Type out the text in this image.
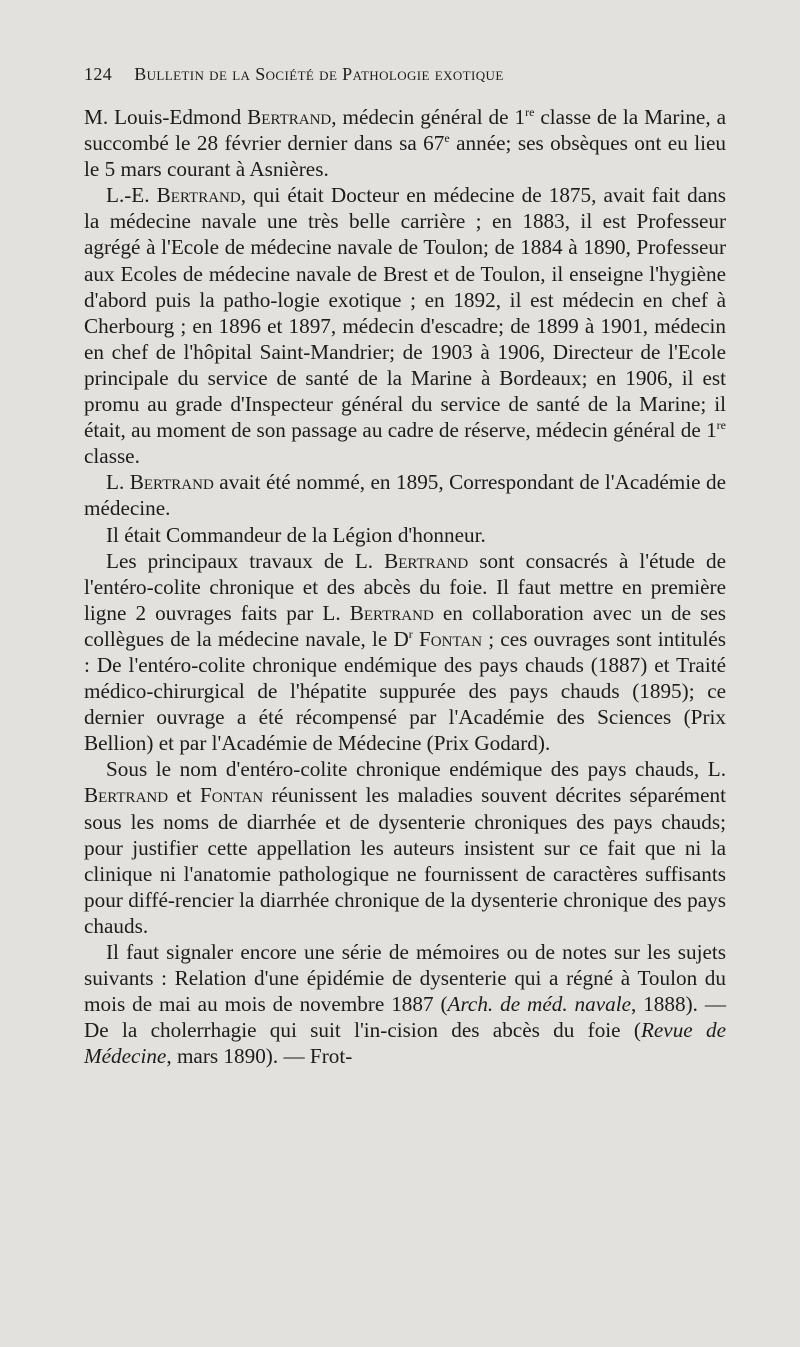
124 Bulletin de la Société de Pathologie exotique

M. Louis-Edmond Bertrand, médecin général de 1re classe de la Marine, a succombé le 28 février dernier dans sa 67e année; ses obsèques ont eu lieu le 5 mars courant à Asnières.

L.-E. Bertrand, qui était Docteur en médecine de 1875, avait fait dans la médecine navale une très belle carrière ; en 1883, il est Professeur agrégé à l'Ecole de médecine navale de Toulon; de 1884 à 1890, Professeur aux Ecoles de médecine navale de Brest et de Toulon, il enseigne l'hygiène d'abord puis la patho-logie exotique ; en 1892, il est médecin en chef à Cherbourg ; en 1896 et 1897, médecin d'escadre; de 1899 à 1901, médecin en chef de l'hôpital Saint-Mandrier; de 1903 à 1906, Directeur de l'Ecole principale du service de santé de la Marine à Bordeaux; en 1906, il est promu au grade d'Inspecteur général du service de santé de la Marine; il était, au moment de son passage au cadre de réserve, médecin général de 1re classe.

L. Bertrand avait été nommé, en 1895, Correspondant de l'Académie de médecine.

Il était Commandeur de la Légion d'honneur.

Les principaux travaux de L. Bertrand sont consacrés à l'étude de l'entéro-colite chronique et des abcès du foie. Il faut mettre en première ligne 2 ouvrages faits par L. Bertrand en collaboration avec un de ses collègues de la médecine navale, le $D^r$ Fontan ; ces ouvrages sont intitulés : De l'entéro-colite chronique endémique des pays chauds (1887) et Traité médico-chirurgical de l'hépatite suppurée des pays chauds (1895); ce dernier ouvrage a été récompensé par l'Académie des Sciences (Prix Bellion) et par l'Académie de Médecine (Prix Godard).

Sous le nom d'entéro-colite chronique endémique des pays chauds, L. Bertrand et Fontan réunissent les maladies souvent décrites séparément sous les noms de diarrhée et de dysenterie chroniques des pays chauds; pour justifier cette appellation les auteurs insistent sur ce fait que ni la clinique ni l'anatomie pathologique ne fournissent de caractères suffisants pour diffé-rencier la diarrhée chronique de la dysenterie chronique des pays chauds.

Il faut signaler encore une série de mémoires ou de notes sur les sujets suivants : Relation d'une épidémie de dysenterie qui a régné à Toulon du mois de mai au mois de novembre 1887 (Arch. de méd. navale, 1888). — De la cholerrhagie qui suit l'in-cision des abcès du foie (Revue de Médecine, mars 1890). — Frot-
